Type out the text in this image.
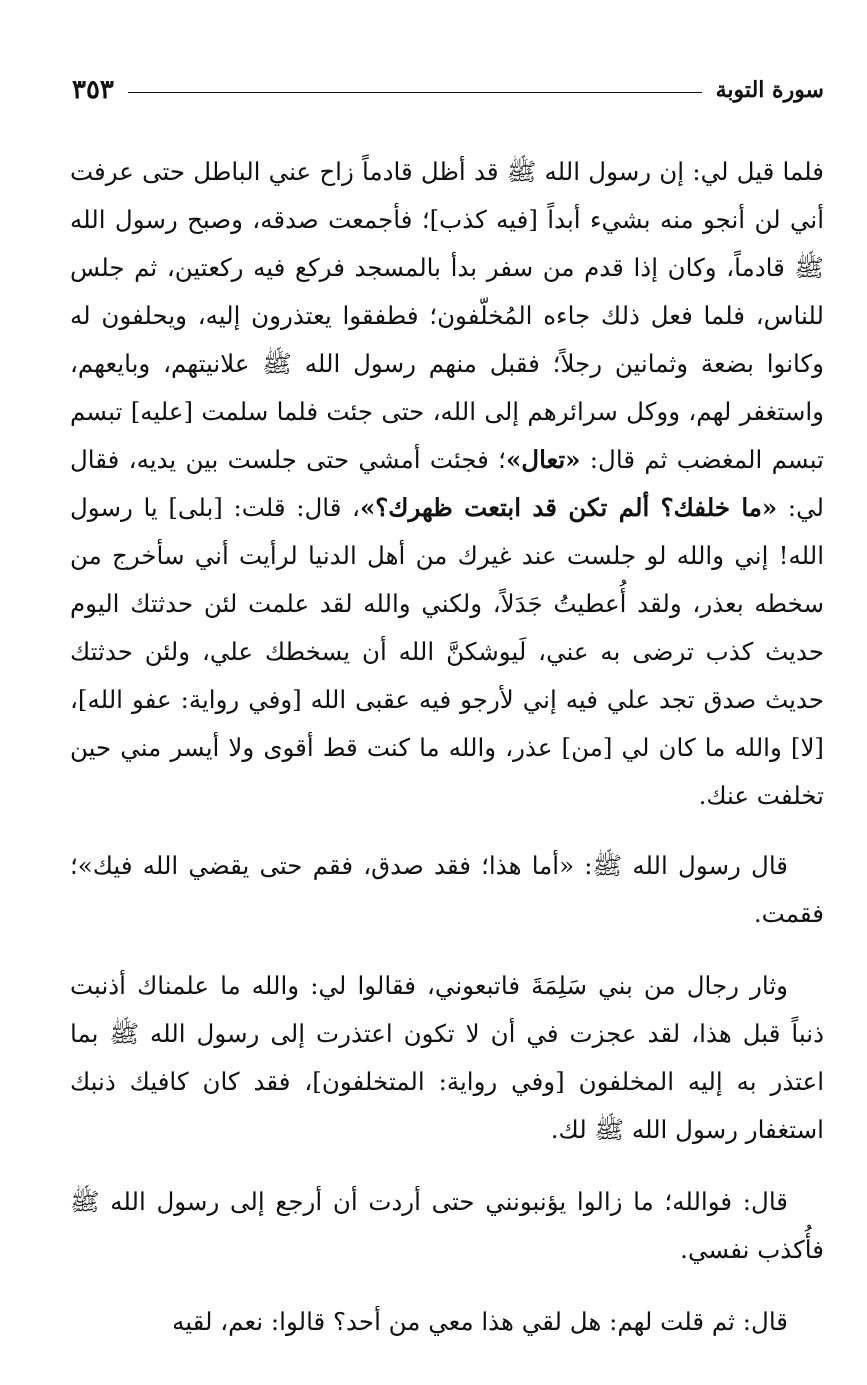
سورة التوبة
٣٥٣

فلما قيل لي: إن رسول الله ﷺ قد أظل قادماً زاح عني الباطل حتى عرفت أني لن أنجو منه بشيء أبداً [فيه كذب]؛ فأجمعت صدقه، وصبح رسول الله ﷺ قادماً، وكان إذا قدم من سفر بدأ بالمسجد فركع فيه ركعتين، ثم جلس للناس، فلما فعل ذلك جاءه المُخلّفون؛ فطفقوا يعتذرون إليه، ويحلفون له وكانوا بضعة وثمانين رجلاً؛ فقبل منهم رسول الله ﷺ علانيتهم، وبايعهم، واستغفر لهم، ووكل سرائرهم إلى الله، حتى جئت فلما سلمت [عليه] تبسم تبسم المغضب ثم قال: «تعال»؛ فجئت أمشي حتى جلست بين يديه، فقال لي: «ما خلفك؟ ألم تكن قد ابتعت ظهرك؟»، قال: قلت: [بلى] يا رسول الله! إني والله لو جلست عند غيرك من أهل الدنيا لرأيت أني سأخرج من سخطه بعذر، ولقد أُعطيتُ جَدَلاً، ولكني والله لقد علمت لئن حدثتك اليوم حديث كذب ترضى به عني، لَيوشكنَّ الله أن يسخطك علي، ولئن حدثتك حديث صدق تجد علي فيه إني لأرجو فيه عقبى الله [وفي رواية: عفو الله]، [لا] والله ما كان لي [من] عذر، والله ما كنت قط أقوى ولا أيسر مني حين تخلفت عنك.

قال رسول الله ﷺ: «أما هذا؛ فقد صدق، فقم حتى يقضي الله فيك»؛ فقمت.

وثار رجال من بني سَلِمَةَ فاتبعوني، فقالوا لي: والله ما علمناك أذنبت ذنباً قبل هذا، لقد عجزت في أن لا تكون اعتذرت إلى رسول الله ﷺ بما اعتذر به إليه المخلفون [وفي رواية: المتخلفون]، فقد كان كافيك ذنبك استغفار رسول الله ﷺ لك.

قال: فوالله؛ ما زالوا يؤنبونني حتى أردت أن أرجع إلى رسول الله ﷺ فأُكذب نفسي.

قال: ثم قلت لهم: هل لقي هذا معي من أحد؟ قالوا: نعم، لقيه
